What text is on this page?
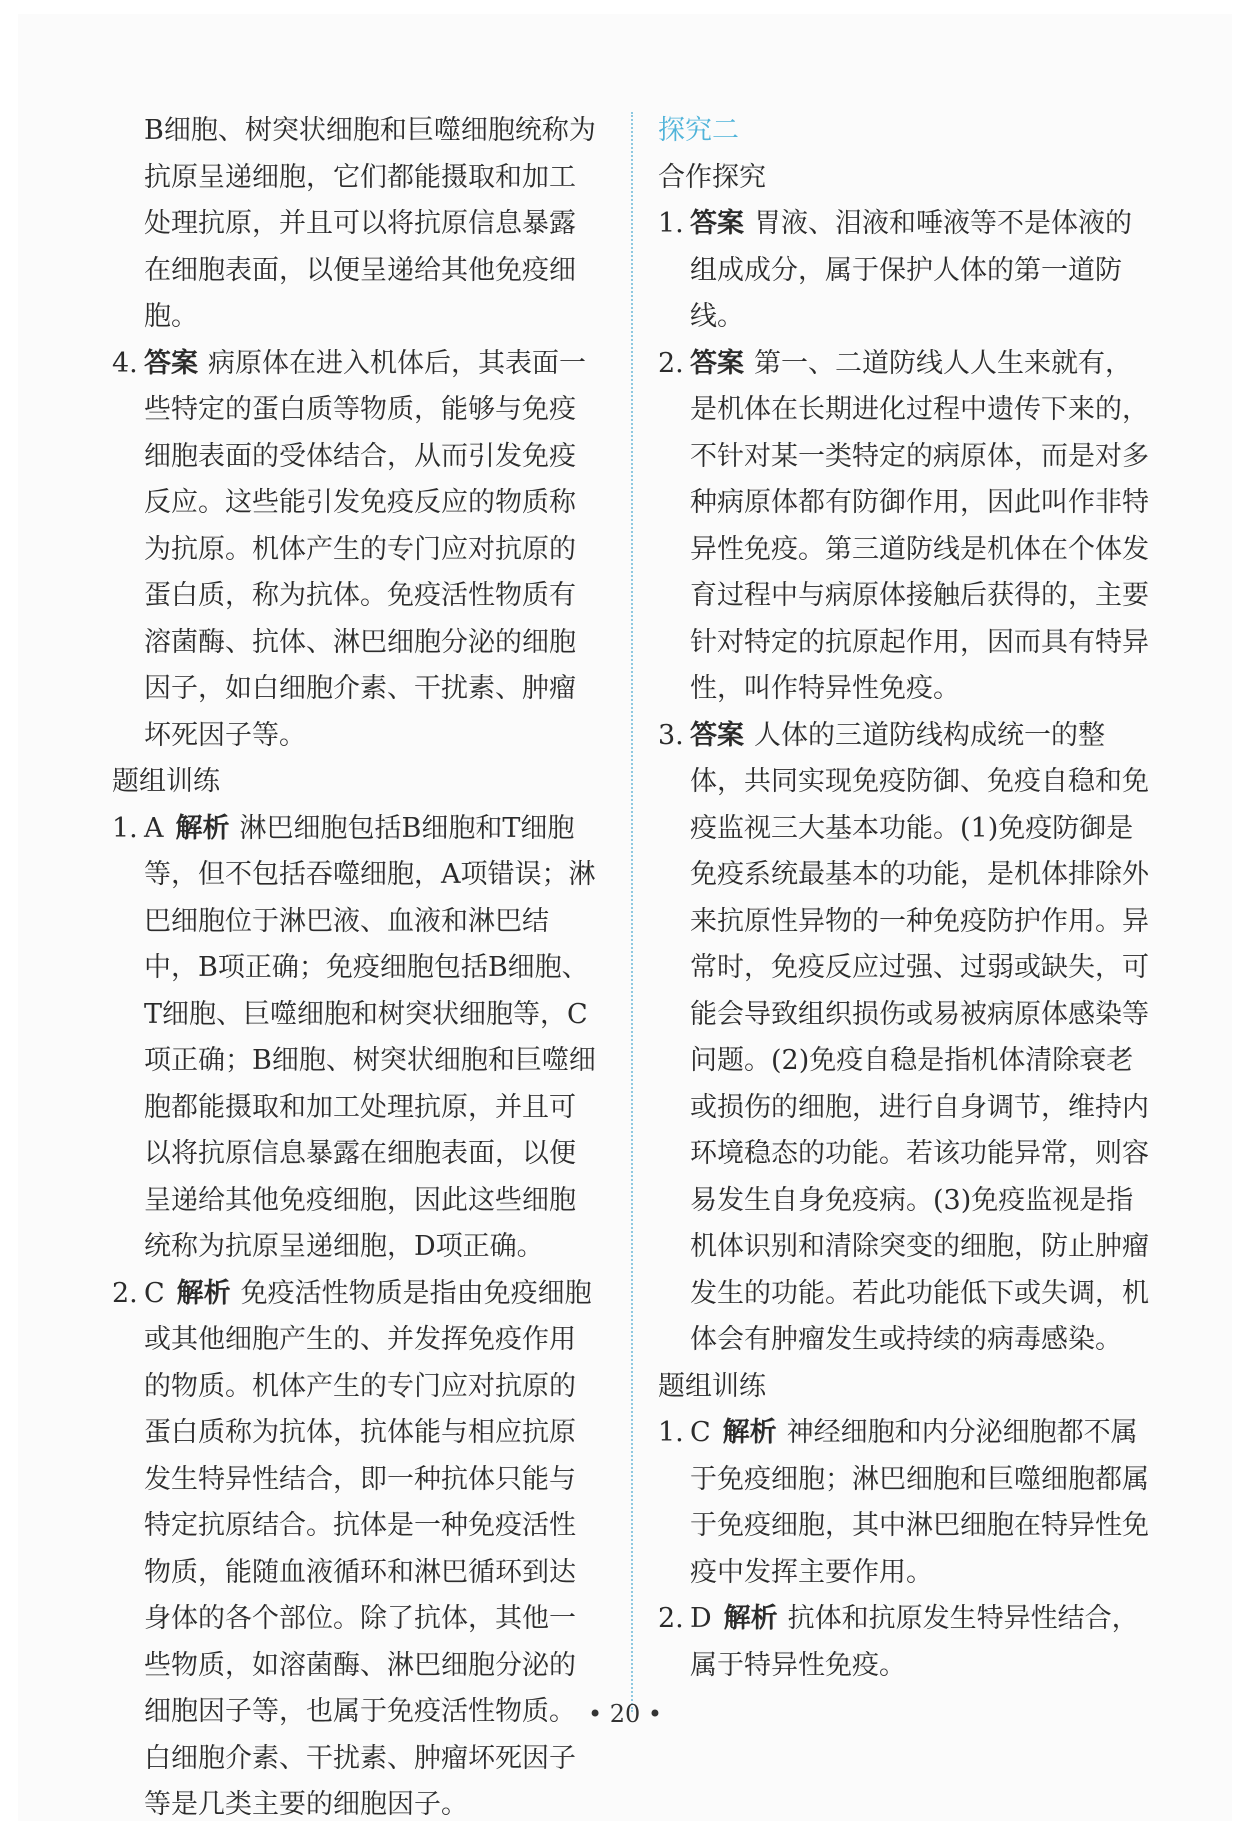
B细胞、树突状细胞和巨噬细胞统称为抗原呈递细胞，它们都能摄取和加工处理抗原，并且可以将抗原信息暴露在细胞表面，以便呈递给其他免疫细胞。

4. 答案 病原体在进入机体后，其表面一些特定的蛋白质等物质，能够与免疫细胞表面的受体结合，从而引发免疫反应。这些能引发免疫反应的物质称为抗原。机体产生的专门应对抗原的蛋白质，称为抗体。免疫活性物质有溶菌酶、抗体、淋巴细胞分泌的细胞因子，如白细胞介素、干扰素、肿瘤坏死因子等。

题组训练

1. A 解析 淋巴细胞包括B细胞和T细胞等，但不包括吞噬细胞，A项错误；淋巴细胞位于淋巴液、血液和淋巴结中，B项正确；免疫细胞包括B细胞、T细胞、巨噬细胞和树突状细胞等，C项正确；B细胞、树突状细胞和巨噬细胞都能摄取和加工处理抗原，并且可以将抗原信息暴露在细胞表面，以便呈递给其他免疫细胞，因此这些细胞统称为抗原呈递细胞，D项正确。

2. C 解析 免疫活性物质是指由免疫细胞或其他细胞产生的、并发挥免疫作用的物质。机体产生的专门应对抗原的蛋白质称为抗体，抗体能与相应抗原发生特异性结合，即一种抗体只能与特定抗原结合。抗体是一种免疫活性物质，能随血液循环和淋巴循环到达身体的各个部位。除了抗体，其他一些物质，如溶菌酶、淋巴细胞分泌的细胞因子等，也属于免疫活性物质。白细胞介素、干扰素、肿瘤坏死因子等是几类主要的细胞因子。

探究二

合作探究

1. 答案 胃液、泪液和唾液等不是体液的组成成分，属于保护人体的第一道防线。

2. 答案 第一、二道防线人人生来就有，是机体在长期进化过程中遗传下来的，不针对某一类特定的病原体，而是对多种病原体都有防御作用，因此叫作非特异性免疫。第三道防线是机体在个体发育过程中与病原体接触后获得的，主要针对特定的抗原起作用，因而具有特异性，叫作特异性免疫。

3. 答案 人体的三道防线构成统一的整体，共同实现免疫防御、免疫自稳和免疫监视三大基本功能。(1)免疫防御是免疫系统最基本的功能，是机体排除外来抗原性异物的一种免疫防护作用。异常时，免疫反应过强、过弱或缺失，可能会导致组织损伤或易被病原体感染等问题。(2)免疫自稳是指机体清除衰老或损伤的细胞，进行自身调节，维持内环境稳态的功能。若该功能异常，则容易发生自身免疫病。(3)免疫监视是指机体识别和清除突变的细胞，防止肿瘤发生的功能。若此功能低下或失调，机体会有肿瘤发生或持续的病毒感染。

题组训练

1. C 解析 神经细胞和内分泌细胞都不属于免疫细胞；淋巴细胞和巨噬细胞都属于免疫细胞，其中淋巴细胞在特异性免疫中发挥主要作用。

2. D 解析 抗体和抗原发生特异性结合，属于特异性免疫。

• 20 •
